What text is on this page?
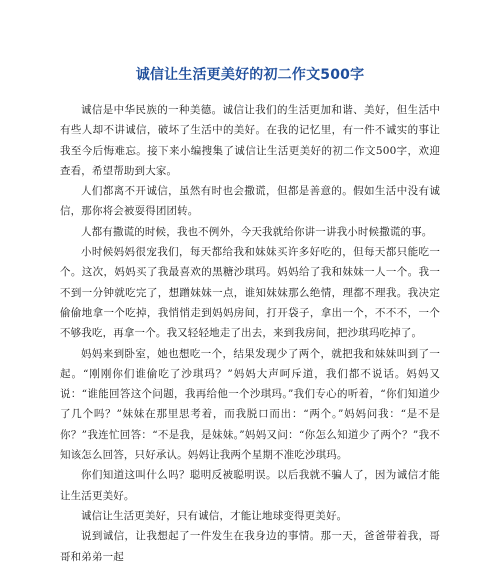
诚信让生活更美好的初二作文500字

诚信是中华民族的一种美德。诚信让我们的生活更加和谐、美好，但生活中有些人却不讲诚信，破坏了生活中的美好。在我的记忆里，有一件不诚实的事让我至今后悔难忘。接下来小编搜集了诚信让生活更美好的初二作文500字，欢迎查看，希望帮助到大家。

人们都离不开诚信，虽然有时也会撒谎，但都是善意的。假如生活中没有诚信，那你将会被耍得团团转。

人都有撒谎的时候，我也不例外，今天我就给你讲一讲我小时候撒谎的事。

小时候妈妈很宠我们，每天都给我和妹妹买许多好吃的，但每天都只能吃一个。这次，妈妈买了我最喜欢的黑糖沙琪玛。妈妈给了我和妹妹一人一个。我一不到一分钟就吃完了，想蹭妹妹一点，谁知妹妹那么绝情，理都不理我。我决定偷偷地拿一个吃掉，我悄悄走到妈妈房间，打开袋子，拿出一个，不不不，一个不够我吃，再拿一个。我又轻轻地走了出去，来到我房间，把沙琪玛吃掉了。

妈妈来到卧室，她也想吃一个，结果发现少了两个，就把我和妹妹叫到了一起。“刚刚你们谁偷吃了沙琪玛？”妈妈大声呵斥道，我们都不说话。妈妈又说：“谁能回答这个问题，我再给他一个沙琪玛。”我们专心的听着，“你们知道少了几个吗？”妹妹在那里思考着，而我脱口而出：“两个。”妈妈问我：“是不是你？”我连忙回答：“不是我，是妹妹。”妈妈又问：“你怎么知道少了两个？”我不知该怎么回答，只好承认。妈妈让我两个星期不准吃沙琪玛。

你们知道这叫什么吗？聪明反被聪明误。以后我就不骗人了，因为诚信才能让生活更美好。

诚信让生活更美好，只有诚信，才能让地球变得更美好。

说到诚信，让我想起了一件发生在我身边的事情。那一天，爸爸带着我，哥哥和弟弟一起
